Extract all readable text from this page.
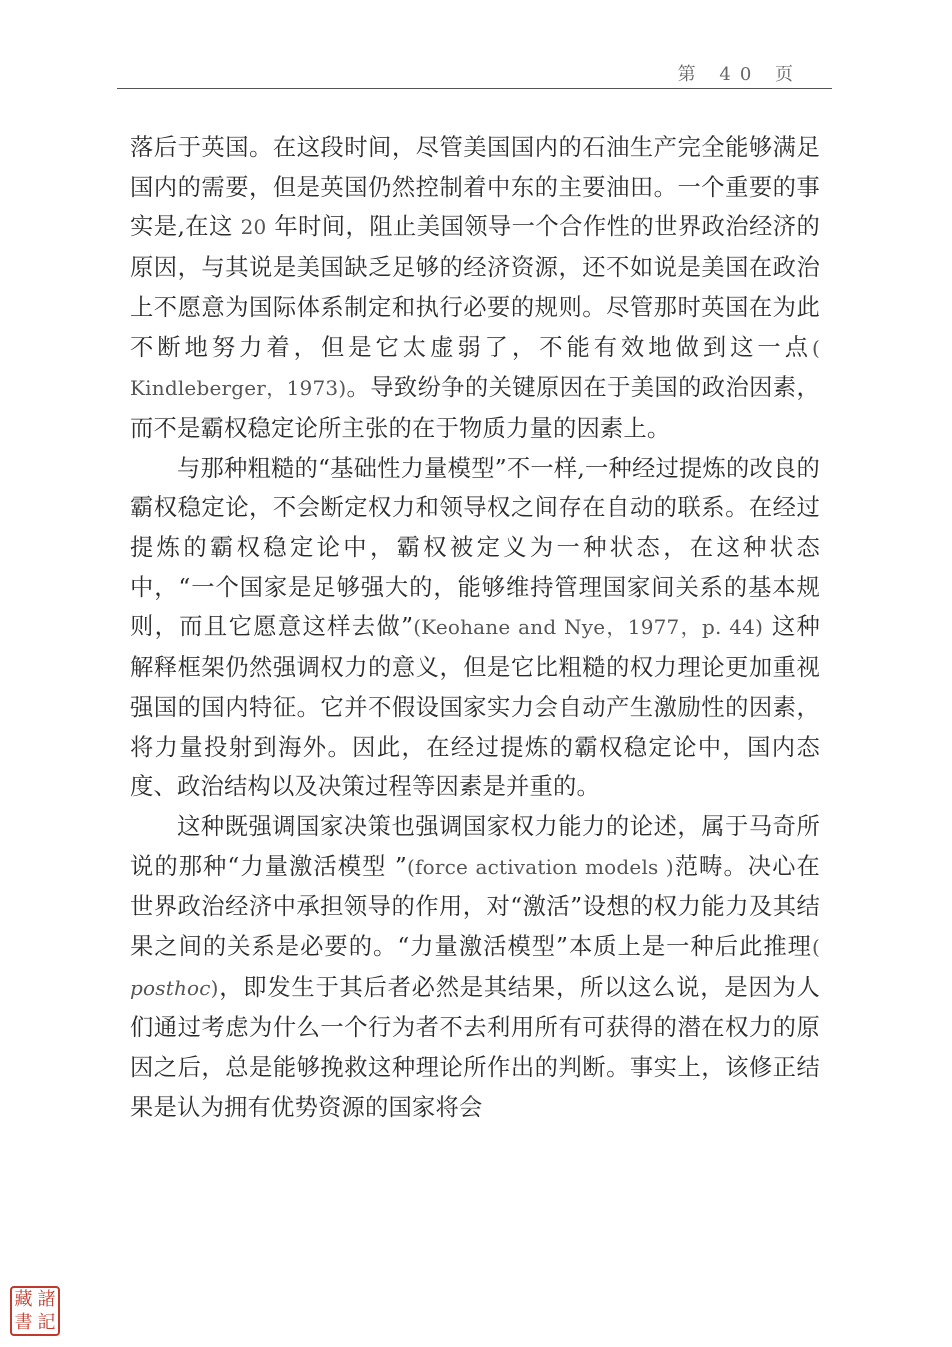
第 40 页

落后于英国。在这段时间，尽管美国国内的石油生产完全能够满足国内的需要，但是英国仍然控制着中东的主要油田。一个重要的事实是,在这 20 年时间，阻止美国领导一个合作性的世界政治经济的原因，与其说是美国缺乏足够的经济资源，还不如说是美国在政治上不愿意为国际体系制定和执行必要的规则。尽管那时英国在为此不断地努力着，但是它太虚弱了，不能有效地做到这一点( Kindleberger，1973)。导致纷争的关键原因在于美国的政治因素，而不是霸权稳定论所主张的在于物质力量的因素上。

与那种粗糙的“基础性力量模型”不一样,一种经过提炼的改良的霸权稳定论，不会断定权力和领导权之间存在自动的联系。在经过提炼的霸权稳定论中，霸权被定义为一种状态，在这种状态中，“一个国家是足够强大的，能够维持管理国家间关系的基本规则，而且它愿意这样去做”(Keohane and Nye，1977，p. 44) 这种解释框架仍然强调权力的意义，但是它比粗糙的权力理论更加重视强国的国内特征。它并不假设国家实力会自动产生激励性的因素，将力量投射到海外。因此，在经过提炼的霸权稳定论中，国内态度、政治结构以及决策过程等因素是并重的。

这种既强调国家决策也强调国家权力能力的论述，属于马奇所说的那种“力量激活模型 ”(force activation models )范畴。决心在世界政治经济中承担领导的作用，对“激活”设想的权力能力及其结果之间的关系是必要的。“力量激活模型”本质上是一种后此推理( posthoc)，即发生于其后者必然是其结果，所以这么说，是因为人们通过考虑为什么一个行为者不去利用所有可获得的潜在权力的原因之后，总是能够挽救这种理论所作出的判断。事实上，该修正结果是认为拥有优势资源的国家将会

藏 諸
書 記
